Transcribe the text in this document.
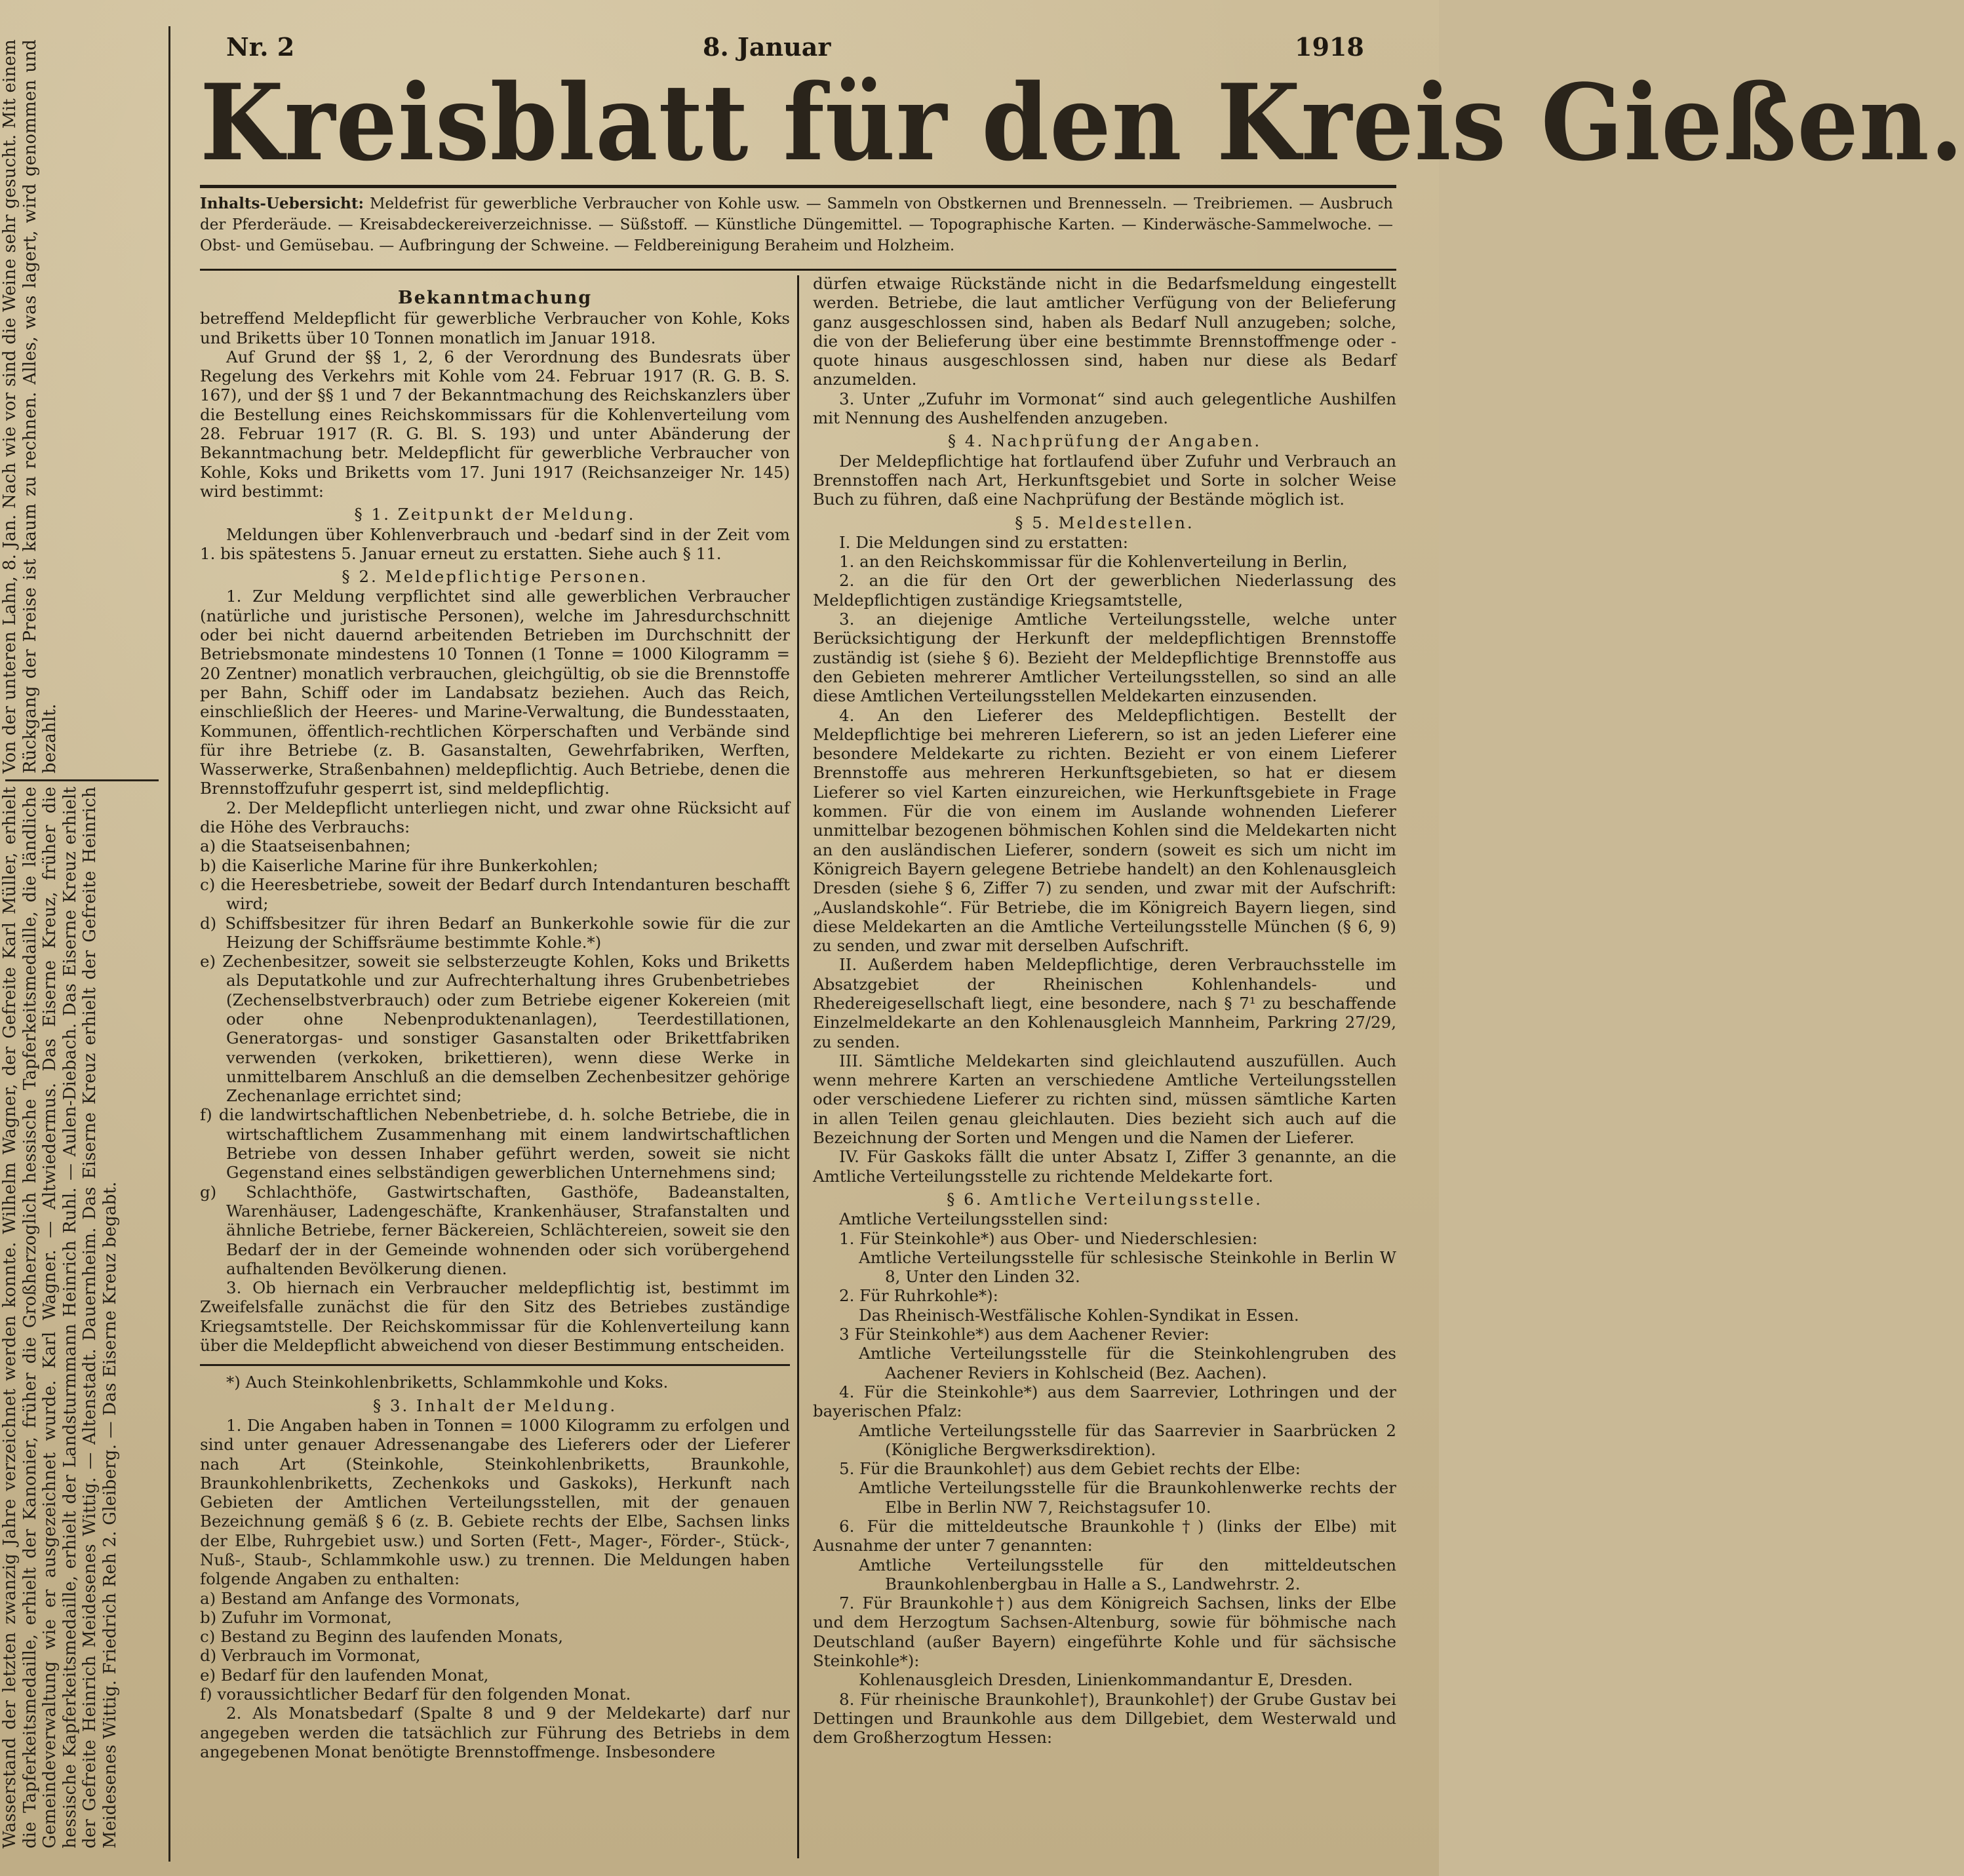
Wasserstand der letzten zwanzig Jahre verzeichnet werden konnte. Wilhelm Wagner, der Gefreite Karl Müller, erhielt die Tapferkeitsmedaille, erhielt der Kanonier, früher die Großherzoglich hessische Tapferkeitsmedaille, die ländliche Gemeindeverwaltung wie er ausgezeichnet wurde. Karl Wagner. — Altwiedermus. Das Eiserne Kreuz, früher die hessische Kapferkeitsmedaille, erhielt der Landsturmmann Heinrich Ruhl. — Aulen-Diebach. Das Eiserne Kreuz erhielt der Gefreite Heinrich Meidesenes Wittig. — Altenstadt. Dauernheim. Das Eiserne Kreuz erhielt der Gefreite Heinrich Meidesenes Wittig. Friedrich Reh 2. Gleiberg. — Das Eiserne Kreuz begabt.
Von der unteren Lahn, 8. Jan. Nach wie vor sind die Weine sehr gesucht. Mit einem Rückgang der Preise ist kaum zu rechnen. Alles, was lagert, wird genommen und bezahlt.
Nr. 2	8. Januar	1918
Kreisblatt für den Kreis Gießen.
Inhalts-Uebersicht: Meldefrist für gewerbliche Verbraucher von Kohle usw. — Sammeln von Obstkernen und Brennesseln. — Treibriemen. — Ausbruch der Pferderäude. — Kreisabdeckereiverzeichnisse. — Süßstoff. — Künstliche Düngemittel. — Topographische Karten. — Kinderwäsche-Sammelwoche. — Obst- und Gemüsebau. — Aufbringung der Schweine. — Feldbereinigung Beraheim und Holzheim.

Bekanntmachung

betreffend Meldepflicht für gewerbliche Verbraucher von Kohle, Koks und Briketts über 10 Tonnen monatlich im Januar 1918.

Auf Grund der §§ 1, 2, 6 der Verordnung des Bundesrats über Regelung des Verkehrs mit Kohle vom 24. Februar 1917 (R. G. B. S. 167), und der §§ 1 und 7 der Bekanntmachung des Reichskanzlers über die Bestellung eines Reichskommissars für die Kohlenverteilung vom 28. Februar 1917 (R. G. Bl. S. 193) und unter Abänderung der Bekanntmachung betr. Meldepflicht für gewerbliche Verbraucher von Kohle, Koks und Briketts vom 17. Juni 1917 (Reichsanzeiger Nr. 145) wird bestimmt:

§ 1. Zeitpunkt der Meldung.

Meldungen über Kohlenverbrauch und -bedarf sind in der Zeit vom 1. bis spätestens 5. Januar erneut zu erstatten. Siehe auch § 11.

§ 2. Meldepflichtige Personen.

1. Zur Meldung verpflichtet sind alle gewerblichen Verbraucher (natürliche und juristische Personen), welche im Jahresdurchschnitt oder bei nicht dauernd arbeitenden Betrieben im Durchschnitt der Betriebsmonate mindestens 10 Tonnen (1 Tonne = 1000 Kilogramm = 20 Zentner) monatlich verbrauchen, gleichgültig, ob sie die Brennstoffe per Bahn, Schiff oder im Landabsatz beziehen. Auch das Reich, einschließlich der Heeres- und Marine-Verwaltung, die Bundesstaaten, Kommunen, öffentlich-rechtlichen Körperschaften und Verbände sind für ihre Betriebe (z. B. Gasanstalten, Gewehrfabriken, Werften, Wasserwerke, Straßenbahnen) meldepflichtig. Auch Betriebe, denen die Brennstoffzufuhr gesperrt ist, sind meldepflichtig.

2. Der Meldepflicht unterliegen nicht, und zwar ohne Rücksicht auf die Höhe des Verbrauchs:

a) die Staatseisenbahnen;

b) die Kaiserliche Marine für ihre Bunkerkohlen;

c) die Heeresbetriebe, soweit der Bedarf durch Intendanturen beschafft wird;

d) Schiffsbesitzer für ihren Bedarf an Bunkerkohle sowie für die zur Heizung der Schiffsräume bestimmte Kohle.*)

e) Zechenbesitzer, soweit sie selbsterzeugte Kohlen, Koks und Briketts als Deputatkohle und zur Aufrechterhaltung ihres Grubenbetriebes (Zechenselbstverbrauch) oder zum Betriebe eigener Kokereien (mit oder ohne Nebenproduktenanlagen), Teerdestillationen, Generatorgas- und sonstiger Gasanstalten oder Brikettfabriken verwenden (verkoken, brikettieren), wenn diese Werke in unmittelbarem Anschluß an die demselben Zechenbesitzer gehörige Zechenanlage errichtet sind;

f) die landwirtschaftlichen Nebenbetriebe, d. h. solche Betriebe, die in wirtschaftlichem Zusammenhang mit einem landwirtschaftlichen Betriebe von dessen Inhaber geführt werden, soweit sie nicht Gegenstand eines selbständigen gewerblichen Unternehmens sind;

g) Schlachthöfe, Gastwirtschaften, Gasthöfe, Badeanstalten, Warenhäuser, Ladengeschäfte, Krankenhäuser, Strafanstalten und ähnliche Betriebe, ferner Bäckereien, Schlächtereien, soweit sie den Bedarf der in der Gemeinde wohnenden oder sich vorübergehend aufhaltenden Bevölkerung dienen.

3. Ob hiernach ein Verbraucher meldepflichtig ist, bestimmt im Zweifelsfalle zunächst die für den Sitz des Betriebes zuständige Kriegsamtstelle. Der Reichskommissar für die Kohlenverteilung kann über die Meldepflicht abweichend von dieser Bestimmung entscheiden.

*) Auch Steinkohlenbriketts, Schlammkohle und Koks.

§ 3. Inhalt der Meldung.

1. Die Angaben haben in Tonnen = 1000 Kilogramm zu erfolgen und sind unter genauer Adressenangabe des Lieferers oder der Lieferer nach Art (Steinkohle, Steinkohlenbriketts, Braunkohle, Braunkohlenbriketts, Zechenkoks und Gaskoks), Herkunft nach Gebieten der Amtlichen Verteilungsstellen, mit der genauen Bezeichnung gemäß § 6 (z. B. Gebiete rechts der Elbe, Sachsen links der Elbe, Ruhrgebiet usw.) und Sorten (Fett-, Mager-, Förder-, Stück-, Nuß-, Staub-, Schlammkohle usw.) zu trennen. Die Meldungen haben folgende Angaben zu enthalten:

a) Bestand am Anfange des Vormonats,

b) Zufuhr im Vormonat,

c) Bestand zu Beginn des laufenden Monats,

d) Verbrauch im Vormonat,

e) Bedarf für den laufenden Monat,

f) voraussichtlicher Bedarf für den folgenden Monat.

2. Als Monatsbedarf (Spalte 8 und 9 der Meldekarte) darf nur angegeben werden die tatsächlich zur Führung des Betriebs in dem angegebenen Monat benötigte Brennstoffmenge. Insbesondere

dürfen etwaige Rückstände nicht in die Bedarfsmeldung eingestellt werden. Betriebe, die laut amtlicher Verfügung von der Belieferung ganz ausgeschlossen sind, haben als Bedarf Null anzugeben; solche, die von der Belieferung über eine bestimmte Brennstoffmenge oder -quote hinaus ausgeschlossen sind, haben nur diese als Bedarf anzumelden.

3. Unter „Zufuhr im Vormonat“ sind auch gelegentliche Aushilfen mit Nennung des Aushelfenden anzugeben.

§ 4. Nachprüfung der Angaben.

Der Meldepflichtige hat fortlaufend über Zufuhr und Verbrauch an Brennstoffen nach Art, Herkunftsgebiet und Sorte in solcher Weise Buch zu führen, daß eine Nachprüfung der Bestände möglich ist.

§ 5. Meldestellen.

I. Die Meldungen sind zu erstatten:

1. an den Reichskommissar für die Kohlenverteilung in Berlin,

2. an die für den Ort der gewerblichen Niederlassung des Meldepflichtigen zuständige Kriegsamtstelle,

3. an diejenige Amtliche Verteilungsstelle, welche unter Berücksichtigung der Herkunft der meldepflichtigen Brennstoffe zuständig ist (siehe § 6). Bezieht der Meldepflichtige Brennstoffe aus den Gebieten mehrerer Amtlicher Verteilungsstellen, so sind an alle diese Amtlichen Verteilungsstellen Meldekarten einzusenden.

4. An den Lieferer des Meldepflichtigen. Bestellt der Meldepflichtige bei mehreren Lieferern, so ist an jeden Lieferer eine besondere Meldekarte zu richten. Bezieht er von einem Lieferer Brennstoffe aus mehreren Herkunftsgebieten, so hat er diesem Lieferer so viel Karten einzureichen, wie Herkunftsgebiete in Frage kommen. Für die von einem im Auslande wohnenden Lieferer unmittelbar bezogenen böhmischen Kohlen sind die Meldekarten nicht an den ausländischen Lieferer, sondern (soweit es sich um nicht im Königreich Bayern gelegene Betriebe handelt) an den Kohlenausgleich Dresden (siehe § 6, Ziffer 7) zu senden, und zwar mit der Aufschrift: „Auslandskohle“. Für Betriebe, die im Königreich Bayern liegen, sind diese Meldekarten an die Amtliche Verteilungsstelle München (§ 6, 9) zu senden, und zwar mit derselben Aufschrift.

II. Außerdem haben Meldepflichtige, deren Verbrauchsstelle im Absatzgebiet der Rheinischen Kohlenhandels- und Rhedereigesellschaft liegt, eine besondere, nach § 7¹ zu beschaffende Einzelmeldekarte an den Kohlenausgleich Mannheim, Parkring 27/29, zu senden.

III. Sämtliche Meldekarten sind gleichlautend auszufüllen. Auch wenn mehrere Karten an verschiedene Amtliche Verteilungsstellen oder verschiedene Lieferer zu richten sind, müssen sämtliche Karten in allen Teilen genau gleichlauten. Dies bezieht sich auch auf die Bezeichnung der Sorten und Mengen und die Namen der Lieferer.

IV. Für Gaskoks fällt die unter Absatz I, Ziffer 3 genannte, an die Amtliche Verteilungsstelle zu richtende Meldekarte fort.

§ 6. Amtliche Verteilungsstelle.

Amtliche Verteilungsstellen sind:

1. Für Steinkohle*) aus Ober- und Niederschlesien:

Amtliche Verteilungsstelle für schlesische Steinkohle in Berlin W 8, Unter den Linden 32.

2. Für Ruhrkohle*):

Das Rheinisch-Westfälische Kohlen-Syndikat in Essen.

3 Für Steinkohle*) aus dem Aachener Revier:

Amtliche Verteilungsstelle für die Steinkohlengruben des Aachener Reviers in Kohlscheid (Bez. Aachen).

4. Für die Steinkohle*) aus dem Saarrevier, Lothringen und der bayerischen Pfalz:

Amtliche Verteilungsstelle für das Saarrevier in Saarbrücken 2 (Königliche Bergwerksdirektion).

5. Für die Braunkohle†) aus dem Gebiet rechts der Elbe:

Amtliche Verteilungsstelle für die Braunkohlenwerke rechts der Elbe in Berlin NW 7, Reichstagsufer 10.

6. Für die mitteldeutsche Braunkohle†) (links der Elbe) mit Ausnahme der unter 7 genannten:

Amtliche Verteilungsstelle für den mitteldeutschen Braunkohlenbergbau in Halle a S., Landwehrstr. 2.

7. Für Braunkohle†) aus dem Königreich Sachsen, links der Elbe und dem Herzogtum Sachsen-Altenburg, sowie für böhmische nach Deutschland (außer Bayern) eingeführte Kohle und für sächsische Steinkohle*):

Kohlenausgleich Dresden, Linienkommandantur E, Dresden.

8. Für rheinische Braunkohle†), Braunkohle†) der Grube Gustav bei Dettingen und Braunkohle aus dem Dillgebiet, dem Westerwald und dem Großherzogtum Hessen:
